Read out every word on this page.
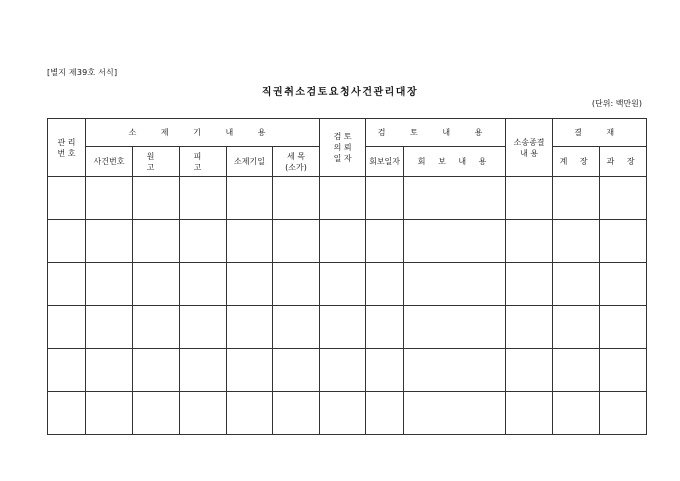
[별지 제39호 서식]
직권취소검토요청사건관리대장
(단위: 백만원)
관 리 번 호	소 제 기 내 용					검 토 의 뢰 일 자	검 토 내 용		소송종결 내 용	결 재	
	사건번호	원 고	피 고	소제기일	세 목 (소가)		회보일자	회 보 내 용		계 장	과 장
